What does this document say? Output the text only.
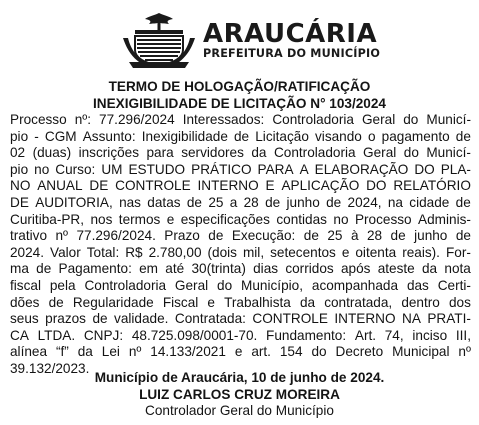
ARAUCÁRIA
PREFEITURA DO MUNICÍPIO
TERMO DE HOLOGAÇÃO/RATIFICAÇÃO
INEXIGIBILIDADE DE LICITAÇÃO N° 103/2024
Processo nº: 77.296/2024 Interessados: Controladoria Geral do Municí-
pio - CGM Assunto: Inexigibilidade de Licitação visando o pagamento de
02 (duas) inscrições para servidores da Controladoria Geral do Municí-
pio no Curso: UM ESTUDO PRÁTICO PARA A ELABORAÇÃO DO PLA-
NO ANUAL DE CONTROLE INTERNO E APLICAÇÃO DO RELATÓRIO
DE AUDITORIA, nas datas de 25 a 28 de junho de 2024, na cidade de
Curitiba-PR, nos termos e especificações contidas no Processo Adminis-
trativo nº 77.296/2024. Prazo de Execução: de 25 à 28 de junho de
2024. Valor Total: R$ 2.780,00 (dois mil, setecentos e oitenta reais). For-
ma de Pagamento: em até 30(trinta) dias corridos após ateste da nota
fiscal pela Controladoria Geral do Município, acompanhada das Certi-
dões de Regularidade Fiscal e Trabalhista da contratada, dentro dos
seus prazos de validade. Contratada: CONTROLE INTERNO NA PRATI-
CA LTDA. CNPJ: 48.725.098/0001-70. Fundamento: Art. 74, inciso III,
alínea “f” da Lei nº 14.133/2021 e art. 154 do Decreto Municipal nº
39.132/2023.
Município de Araucária, 10 de junho de 2024.
LUIZ CARLOS CRUZ MOREIRA
Controlador Geral do Município
